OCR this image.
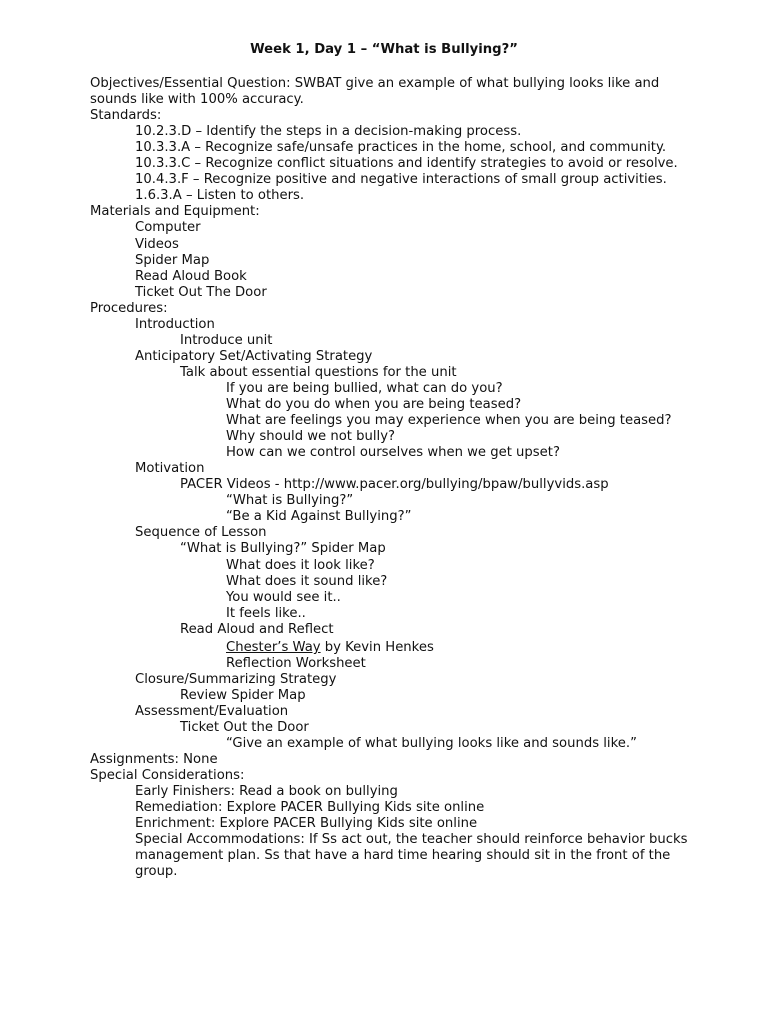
Week 1, Day 1 – “What is Bullying?”
Objectives/Essential Question: SWBAT give an example of what bullying looks like and
sounds like with 100% accuracy.
Standards:
10.2.3.D – Identify the steps in a decision-making process.
10.3.3.A – Recognize safe/unsafe practices in the home, school, and community.
10.3.3.C – Recognize conflict situations and identify strategies to avoid or resolve.
10.4.3.F – Recognize positive and negative interactions of small group activities.
1.6.3.A – Listen to others.
Materials and Equipment:
Computer
Videos
Spider Map
Read Aloud Book
Ticket Out The Door
Procedures:
Introduction
Introduce unit
Anticipatory Set/Activating Strategy
Talk about essential questions for the unit
If you are being bullied, what can do you?
What do you do when you are being teased?
What are feelings you may experience when you are being teased?
Why should we not bully?
How can we control ourselves when we get upset?
Motivation
PACER Videos - http://www.pacer.org/bullying/bpaw/bullyvids.asp
“What is Bullying?”
“Be a Kid Against Bullying?”
Sequence of Lesson
“What is Bullying?” Spider Map
What does it look like?
What does it sound like?
You would see it..
It feels like..
Read Aloud and Reflect
Chester’s Way by Kevin Henkes
Reflection Worksheet
Closure/Summarizing Strategy
Review Spider Map
Assessment/Evaluation
Ticket Out the Door
“Give an example of what bullying looks like and sounds like.”
Assignments: None
Special Considerations:
Early Finishers: Read a book on bullying
Remediation: Explore PACER Bullying Kids site online
Enrichment: Explore PACER Bullying Kids site online
Special Accommodations: If Ss act out, the teacher should reinforce behavior bucks
management plan. Ss that have a hard time hearing should sit in the front of the
group.
